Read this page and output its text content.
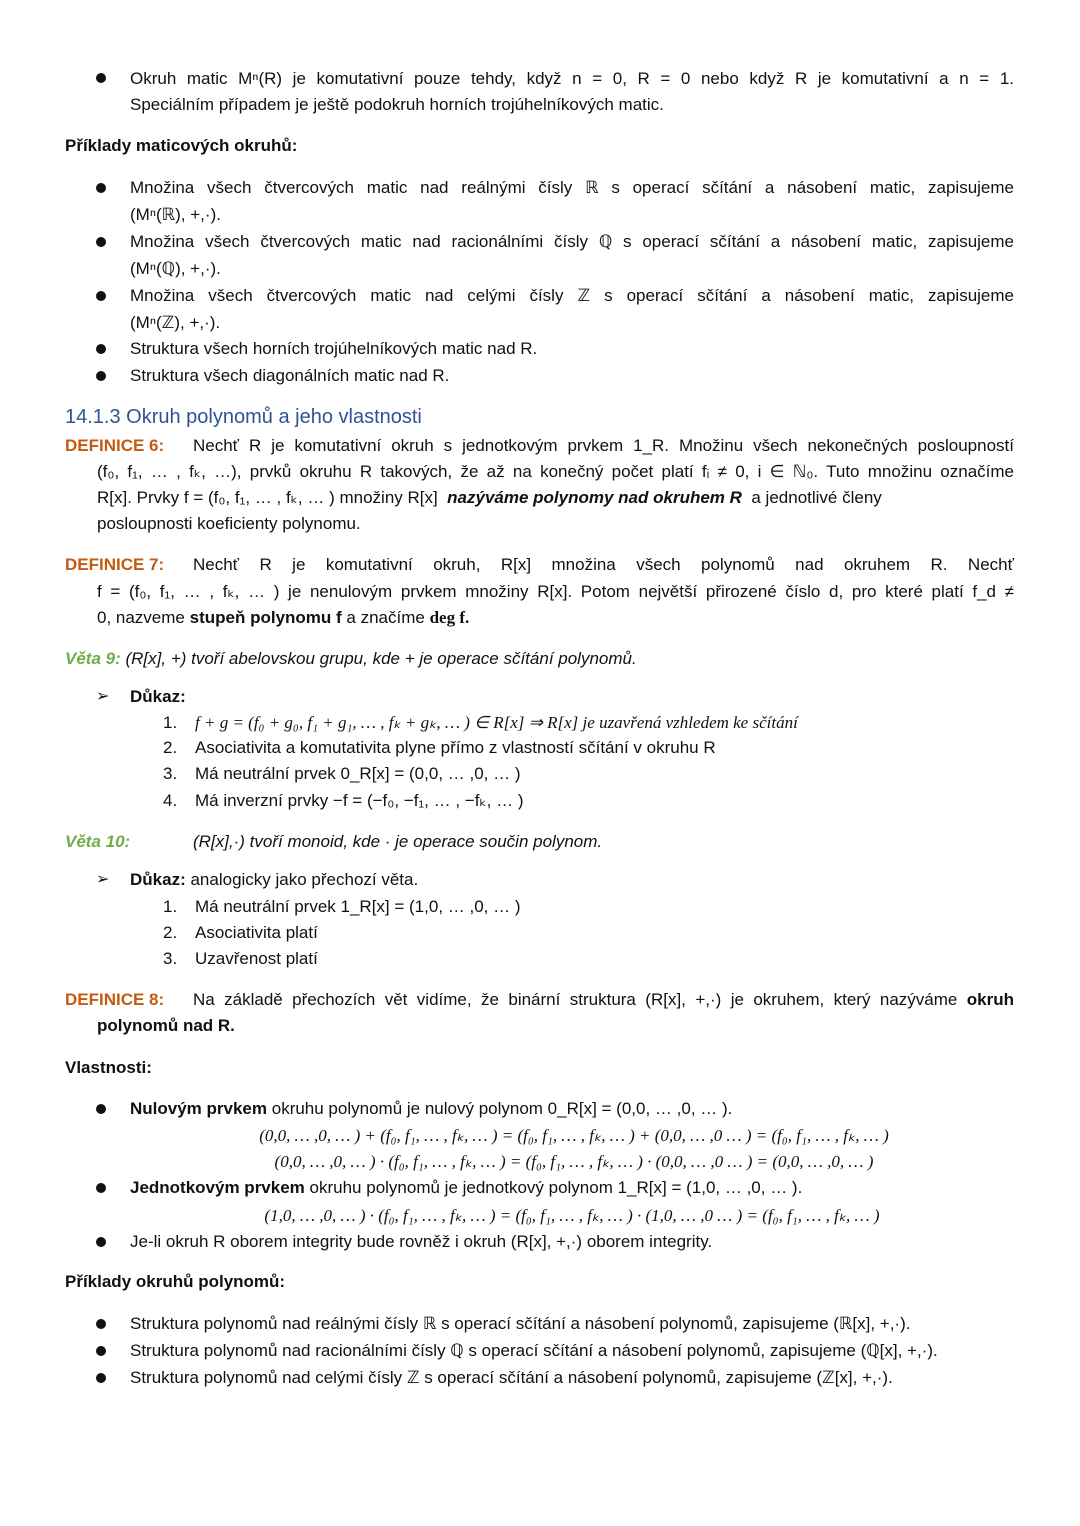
Okruh matic Mⁿ(R) je komutativní pouze tehdy, když n = 0, R = 0 nebo když R je komutativní a n = 1.
Speciálním případem je ještě podokruh horních trojúhelníkových matic.
Příklady maticových okruhů:
Množina všech čtvercových matic nad reálnými čísly ℝ s operací sčítání a násobení matic, zapisujeme
(Mⁿ(ℝ), +,·).
Množina všech čtvercových matic nad racionálními čísly ℚ s operací sčítání a násobení matic, zapisujeme
(Mⁿ(ℚ), +,·).
Množina všech čtvercových matic nad celými čísly ℤ s operací sčítání a násobení matic, zapisujeme
(Mⁿ(ℤ), +,·).
Struktura všech horních trojúhelníkových matic nad R.
Struktura všech diagonálních matic nad R.
14.1.3 Okruh polynomů a jeho vlastnosti
DEFINICE 6: Nechť R je komutativní okruh s jednotkovým prvkem 1_R. Množinu všech nekonečných posloupností
(f₀, f₁, … , fₖ, …), prvků okruhu R takových, že až na konečný počet platí fᵢ ≠ 0, i ∈ ℕ₀. Tuto množinu označíme
R[x]. Prvky f = (f₀, f₁, … , fₖ, … ) množiny R[x] nazýváme polynomy nad okruhem R a jednotlivé členy
posloupnosti koeficienty polynomu.
DEFINICE 7: Nechť R je komutativní okruh, R[x] množina všech polynomů nad okruhem R. Nechť
f = (f₀, f₁, … , fₖ, … ) je nenulovým prvkem množiny R[x]. Potom největší přirozené číslo d, pro které platí f_d ≠
0, nazveme stupeň polynomu f a značíme deg f.
Věta 9: (R[x], +) tvoří abelovskou grupu, kde + je operace sčítání polynomů.
➢ Důkaz:
1. f + g = (f₀ + g₀, f₁ + g₁, … , fₖ + gₖ, … ) ∈ R[x] ⇒ R[x] je uzavřená vzhledem ke sčítání
2. Asociativita a komutativita plyne přímo z vlastností sčítání v okruhu R
3. Má neutrální prvek 0_R[x] = (0,0, … ,0, … )
4. Má inverzní prvky −f = (−f₀, −f₁, … , −fₖ, … )
Věta 10:	(R[x],·) tvoří monoid, kde · je operace součin polynom.
➢ Důkaz: analogicky jako přechozí věta.
1. Má neutrální prvek 1_R[x] = (1,0, … ,0, … )
2. Asociativita platí
3. Uzavřenost platí
DEFINICE 8: Na základě přechozích vět vidíme, že binární struktura (R[x], +,·) je okruhem, který nazýváme okruh
polynomů nad R.
Vlastnosti:
Nulovým prvkem okruhu polynomů je nulový polynom 0_R[x] = (0,0, … ,0, … ).
(0,0, … ,0, … ) + (f₀, f₁, … , fₖ, … ) = (f₀, f₁, … , fₖ, … ) + (0,0, … ,0 … ) = (f₀, f₁, … , fₖ, … )
(0,0, … ,0, … ) · (f₀, f₁, … , fₖ, … ) = (f₀, f₁, … , fₖ, … ) · (0,0, … ,0 … ) = (0,0, … ,0, … )
Jednotkovým prvkem okruhu polynomů je jednotkový polynom 1_R[x] = (1,0, … ,0, … ).
(1,0, … ,0, … ) · (f₀, f₁, … , fₖ, … ) = (f₀, f₁, … , fₖ, … ) · (1,0, … ,0 … ) = (f₀, f₁, … , fₖ, … )
Je-li okruh R oborem integrity bude rovněž i okruh (R[x], +,·) oborem integrity.
Příklady okruhů polynomů:
Struktura polynomů nad reálnými čísly ℝ s operací sčítání a násobení polynomů, zapisujeme (ℝ[x], +,·).
Struktura polynomů nad racionálními čísly ℚ s operací sčítání a násobení polynomů, zapisujeme (ℚ[x], +,·).
Struktura polynomů nad celými čísly ℤ s operací sčítání a násobení polynomů, zapisujeme (ℤ[x], +,·).
